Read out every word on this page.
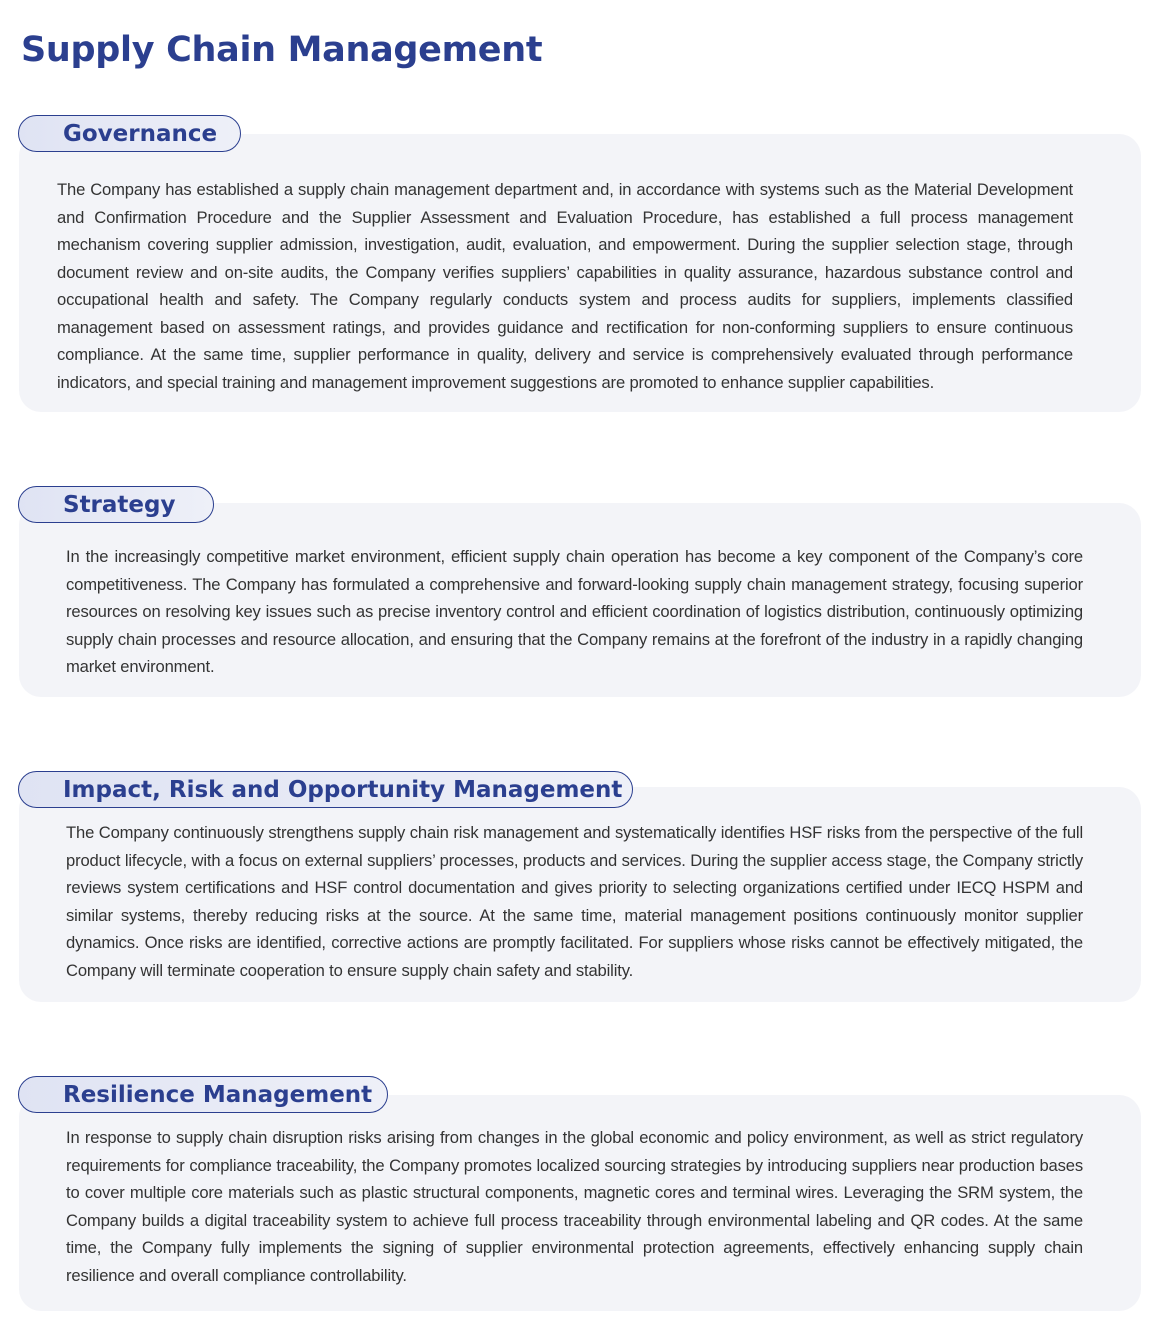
Supply Chain Management
Governance

The Company has established a supply chain management department and, in accordance with systems such as the Material Development and Confirmation Procedure and the Supplier Assessment and Evaluation Procedure, has established a full process management mechanism covering supplier admission, investigation, audit, evaluation, and empowerment. During the supplier selection stage, through document review and on-site audits, the Company verifies suppliers’ capabilities in quality assurance, hazardous substance control and occupational health and safety. The Company regularly conducts system and process audits for suppliers, implements classified management based on assessment ratings, and provides guidance and rectification for non-conforming suppliers to ensure continuous compliance. At the same time, supplier performance in quality, delivery and service is comprehensively evaluated through performance indicators, and special training and management improvement suggestions are promoted to enhance supplier capabilities.

Strategy

In the increasingly competitive market environment, efficient supply chain operation has become a key component of the Company’s core competitiveness. The Company has formulated a comprehensive and forward-looking supply chain management strategy, focusing superior resources on resolving key issues such as precise inventory control and efficient coordination of logistics distribution, continuously optimizing supply chain processes and resource allocation, and ensuring that the Company remains at the forefront of the industry in a rapidly changing market environment.

Impact, Risk and Opportunity Management

The Company continuously strengthens supply chain risk management and systematically identifies HSF risks from the perspective of the full product lifecycle, with a focus on external suppliers’ processes, products and services. During the supplier access stage, the Company strictly reviews system certifications and HSF control documentation and gives priority to selecting organizations certified under IECQ HSPM and similar systems, thereby reducing risks at the source. At the same time, material management positions continuously monitor supplier dynamics. Once risks are identified, corrective actions are promptly facilitated. For suppliers whose risks cannot be effectively mitigated, the Company will terminate cooperation to ensure supply chain safety and stability.

Resilience Management

In response to supply chain disruption risks arising from changes in the global economic and policy environment, as well as strict regulatory requirements for compliance traceability, the Company promotes localized sourcing strategies by introducing suppliers near production bases to cover multiple core materials such as plastic structural components, magnetic cores and terminal wires. Leveraging the SRM system, the Company builds a digital traceability system to achieve full process traceability through environmental labeling and QR codes. At the same time, the Company fully implements the signing of supplier environmental protection agreements, effectively enhancing supply chain resilience and overall compliance controllability.
